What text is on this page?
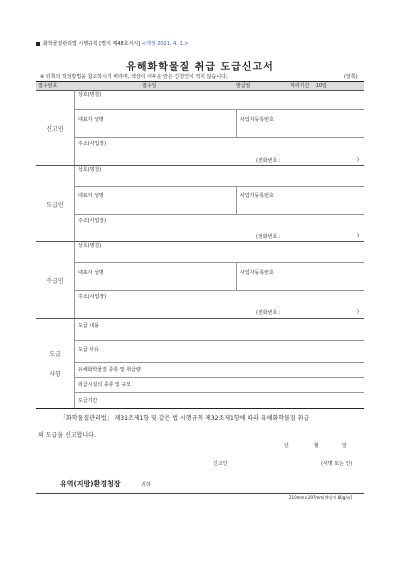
화학물질관리법 시행규칙 [별지 제48호서식] <개정 2021. 4. 1.>
유해화학물질 취급 도급신고서
※ 뒤쪽의 작성방법을 참고하시기 바라며, 색상이 어두운 란은 신청인이 적지 않습니다.	(앞쪽)
접수번호	접수일	발급일	처리기간 10일
신고인
상호(명칭)
대표자 성명	사업자등록번호
주소(사업장)
(전화번호 :	)
도급인
상호(명칭)
대표자 성명	사업자등록번호
주소(사업장)
(전화번호 :	)
수급인
상호(명칭)
대표자 성명	사업자등록번호
주소(사업장)
(전화번호 :	)
도급
사항
도급 내용
도급 사유
유해화학물질 종류 및 취급량
취급시설의 종류 및 규모
도급기간
「화학물질관리법」 제31조제1항 및 같은 법 시행규칙 제32조제1항에 따라 유해화학물질 취급
의 도급을 신고합니다.
년	월	일
신고인	(서명 또는 인)
유역(지방)환경청장	귀하
210mm×297mm[백상지 80g/㎡]
